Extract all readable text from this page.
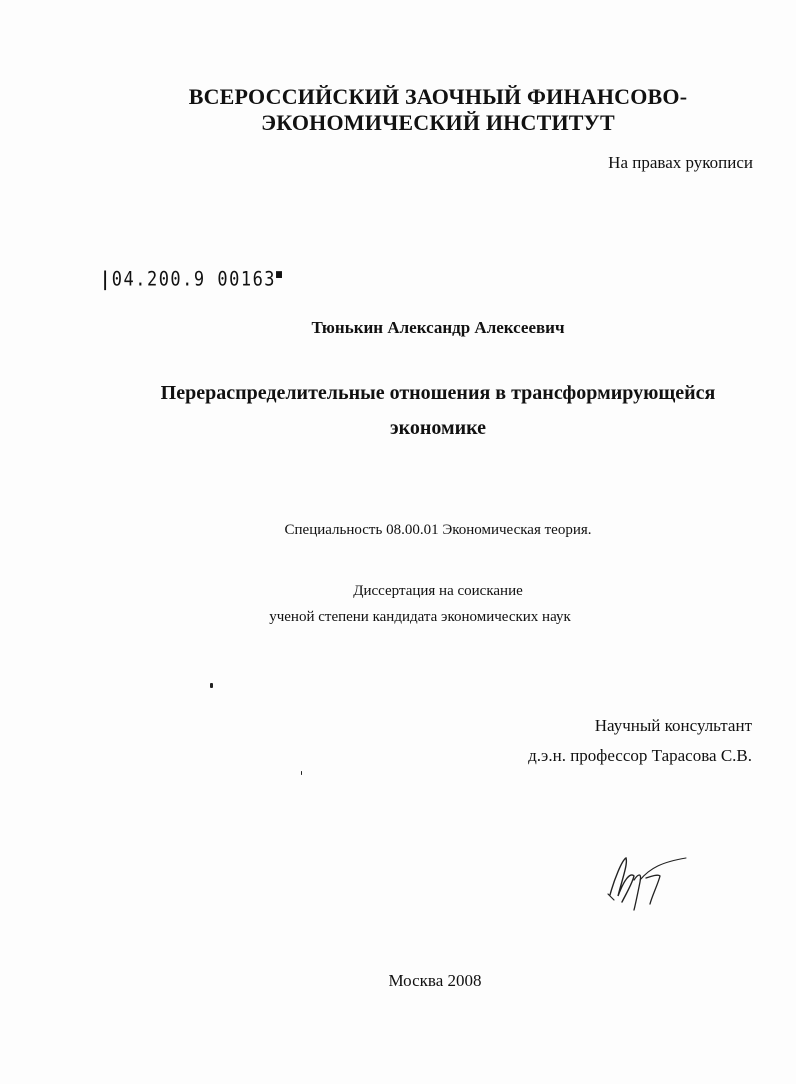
ВСЕРОССИЙСКИЙ ЗАОЧНЫЙ ФИНАНСОВО-
ЭКОНОМИЧЕСКИЙ ИНСТИТУТ
На правах рукописи
|04.200.9 00163■
Тюнькин Александр Алексеевич
Перераспределительные отношения в трансформирующейся
экономике
Специальность 08.00.01 Экономическая теория.
Диссертация на соискание
ученой степени кандидата экономических наук
Научный консультант
д.э.н. профессор Тарасова С.В.
Москва 2008
